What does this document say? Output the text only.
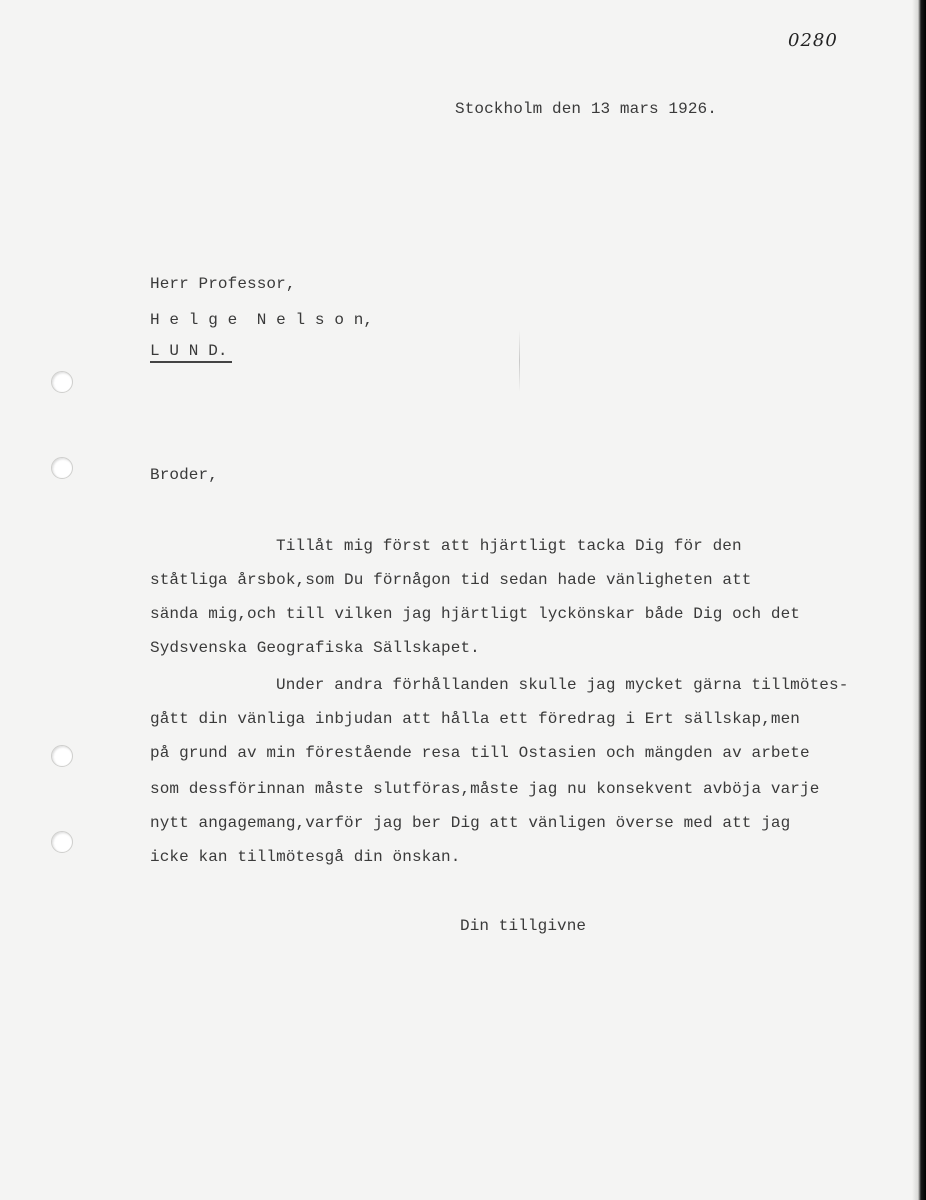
0280
Stockholm den 13 mars 1926.
Herr Professor,
H e l g e  N e l s o n,
L U N D.
Broder,
Tillåt mig först att hjärtligt tacka Dig för den
ståtliga årsbok,som Du förnågon tid sedan hade vänligheten att
sända mig,och till vilken jag hjärtligt lyckönskar både Dig och det
Sydsvenska Geografiska Sällskapet.
Under andra förhållanden skulle jag mycket gärna tillmötes-
gått din vänliga inbjudan att hålla ett föredrag i Ert sällskap,men
på grund av min förestående resa till Ostasien och mängden av arbete
som dessförinnan måste slutföras,måste jag nu konsekvent avböja varje
nytt angagemang,varför jag ber Dig att vänligen överse med att jag
icke kan tillmötesgå din önskan.
Din tillgivne
